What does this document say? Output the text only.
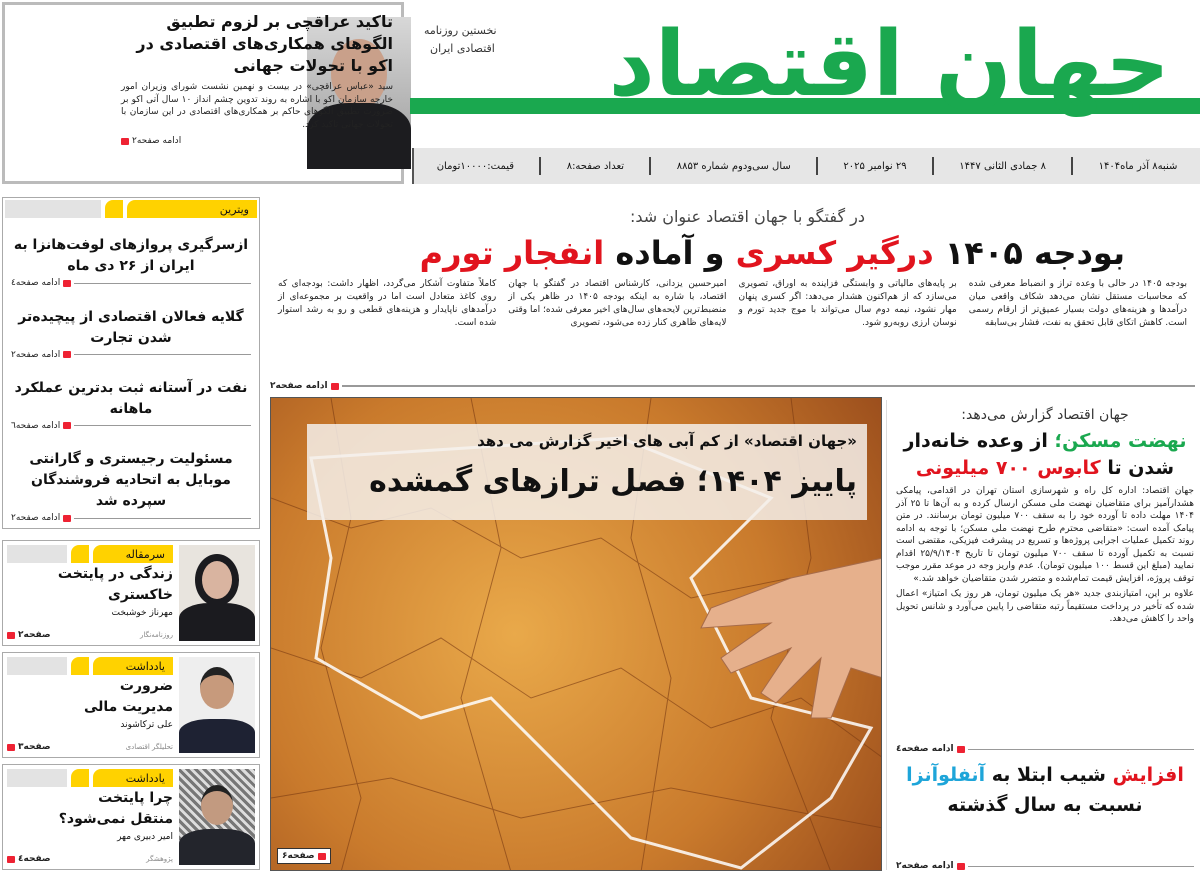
تاکید عراقچی بر لزوم تطبیق الگوهای همکاری‌های اقتصادی در اکو با تحولات جهانی
سید «عباس عراقچی» در بیست و نهمین نشست شورای وزیران امور خارجه سازمان اکو با اشاره به روند تدوین چشم انداز ۱۰ سال آتی اکو بر ضرورت تطبیق الگوهای حاکم بر همکاری‌های اقتصادی در این سازمان با تحولات جهانی تاکید کرد.
ادامه صفحه۲
جهان اقتصاد
نخستین روزنامه
اقتصادی ایران
شنبه۸ آذر ماه۱۴۰۴
۸ جمادی الثانی ۱۴۴۷
۲۹ نوامبر ۲۰۲۵
سال سی‌ودوم شماره ۸۸۵۳
تعداد صفحه:۸
قیمت:۱۰۰۰۰تومان
ویترین
ازسرگیری پروازهای لوفت‌هانزا به ایران از ۲۶ دی ماه
ادامه صفحه٤
گلایه فعالان اقتصادی از پیچیده‌تر شدن تجارت
ادامه صفحه۲
نفت در آستانه ثبت بدترین عملکرد ماهانه
ادامه صفحه٦
مسئولیت رجیستری و گارانتی موبایل به اتحادیه فروشندگان سپرده شد
ادامه صفحه۲
سرمقاله
زندگی در پایتخت
خاکستری
مهرناز خوشبخت
روزنامه‌نگار
صفحه۲
یادداشت
ضرورت
مدیریت مالی
علی ترکاشوند
تحلیلگر اقتصادی
صفحه۳
یادداشت
چرا پایتخت
منتقل نمی‌شود؟
امیر دبیری مهر
پژوهشگر
صفحه٤
در گفتگو با جهان اقتصاد عنوان شد:
بودجه ۱۴۰۵ درگیر کسری و آماده انفجار تورم
بودجه ۱۴۰۵ در حالی با وعده تراز و انضباط معرفی شده که محاسبات مستقل نشان می‌دهد شکاف واقعی میان درآمدها و هزینه‌های دولت بسیار عمیق‌تر از ارقام رسمی است. کاهش اتکای قابل تحقق به نفت، فشار بی‌سابقه
بر پایه‌های مالیاتی و وابستگی فزاینده به اوراق، تصویری می‌سازد که از هم‌اکنون هشدار می‌دهد: اگر کسری پنهان مهار نشود، نیمه دوم سال می‌تواند با موج جدید تورم و نوسان ارزی روبه‌رو شود.
امیرحسین یزدانی، کارشناس اقتصاد در گفتگو با جهان اقتصاد، با شاره به اینکه بودجه ۱۴۰۵ در ظاهر یکی از منضبط‌ترین لایحه‌های سال‌های اخیر معرفی شده؛ اما وقتی لایه‌های ظاهری کنار زده می‌شود، تصویری
کاملاً متفاوت آشکار می‌گردد، اظهار داشت: بودجه‌ای که روی کاغذ متعادل است اما در واقعیت بر مجموعه‌ای از درآمدهای ناپایدار و هزینه‌های قطعی و رو به رشد استوار شده است.
ادامه صفحه۲
«جهان اقتصاد» از کم آبی های اخیر گزارش می دهد
پاییز ۱۴۰۴؛ فصل ترازهای گمشده
صفحه۶
جهان اقتصاد گزارش می‌دهد:
نهضت مسکن؛ از وعده خانه‌دار شدن تا کابوس ۷۰۰ میلیونی
جهان اقتصاد: اداره کل راه و شهرسازی استان تهران در اقدامی، پیامکی هشدارآمیز برای متقاضیان نهضت ملی مسکن ارسال کرده و به آن‌ها تا ۲۵ آذر ۱۴۰۴ مهلت داده تا آورده خود را به سقف ۷۰۰ میلیون تومان برسانند. در متن پیامک آمده است: «متقاضی محترم طرح نهضت ملی مسکن؛ با توجه به ادامه روند تکمیل عملیات اجرایی پروژه‌ها و تسریع در پیشرفت فیزیکی، مقتضی است نسبت به تکمیل آورده تا سقف ۷۰۰ میلیون تومان تا تاریخ ۲۵/۹/۱۴۰۴ اقدام نمایید (مبلغ این قسط ۱۰۰ میلیون تومان). عدم واریز وجه در موعد مقرر موجب توقف پروژه، افزایش قیمت تمام‌شده و متضرر شدن متقاضیان خواهد شد.»
علاوه بر این، امتیازبندی جدید «هر یک میلیون تومان، هر روز یک امتیاز» اعمال شده که تأخیر در پرداخت مستقیماً رتبه متقاضی را پایین می‌آورد و شانس تحویل واحد را کاهش می‌دهد.
ادامه صفحه٤
افزایش شیب ابتلا به آنفلوآنزا
نسبت به سال گذشته
ادامه صفحه۲
